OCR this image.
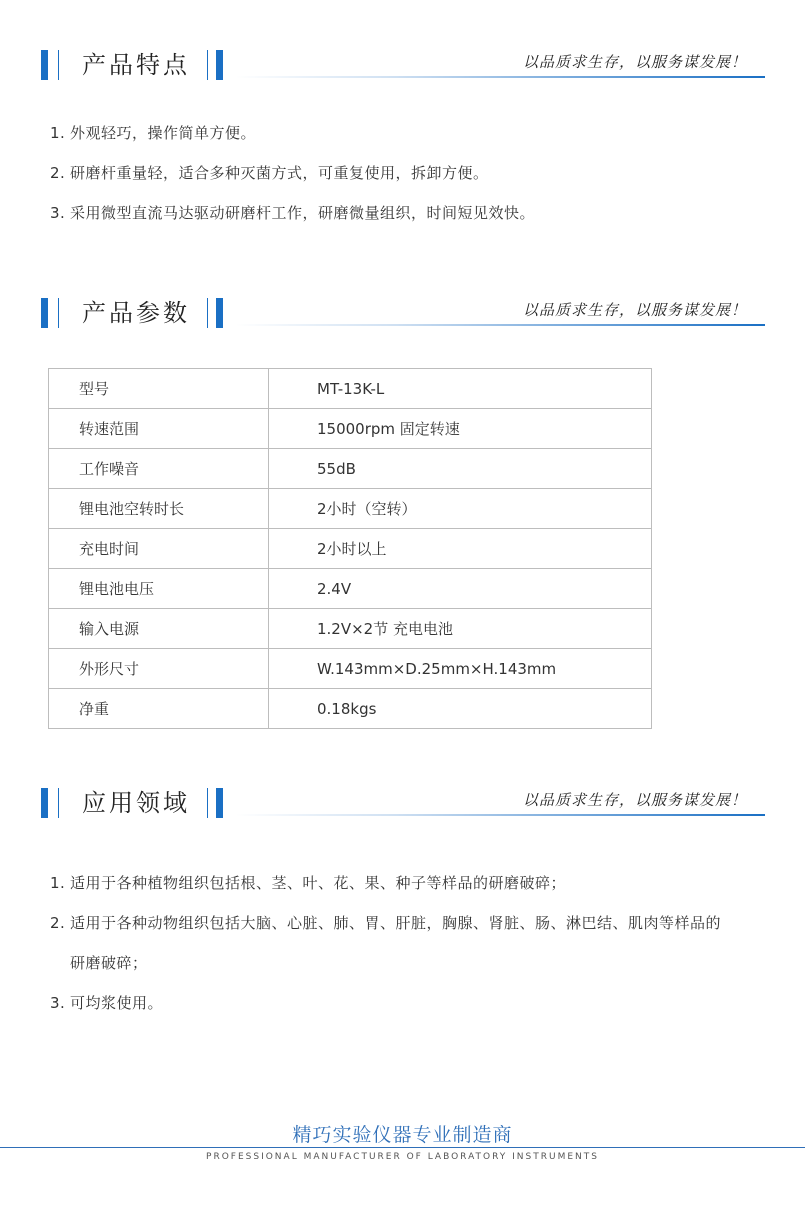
产品特点	以品质求生存，以服务谋发展！
1. 外观轻巧，操作简单方便。
2. 研磨杆重量轻，适合多种灭菌方式，可重复使用，拆卸方便。
3. 采用微型直流马达驱动研磨杆工作，研磨微量组织，时间短见效快。
产品参数	以品质求生存，以服务谋发展！
型号	MT-13K-L
转速范围	15000rpm 固定转速
工作噪音	55dB
锂电池空转时长	2小时（空转）
充电时间	2小时以上
锂电池电压	2.4V
输入电源	1.2V×2节 充电电池
外形尺寸	W.143mm×D.25mm×H.143mm
净重	0.18kgs
应用领域	以品质求生存，以服务谋发展！
1. 适用于各种植物组织包括根、茎、叶、花、果、种子等样品的研磨破碎；
2. 适用于各种动物组织包括大脑、心脏、肺、胃、肝脏，胸腺、肾脏、肠、淋巴结、肌肉等样品的研磨破碎；
3. 可均浆使用。
精巧实验仪器专业制造商
PROFESSIONAL MANUFACTURER OF LABORATORY INSTRUMENTS
